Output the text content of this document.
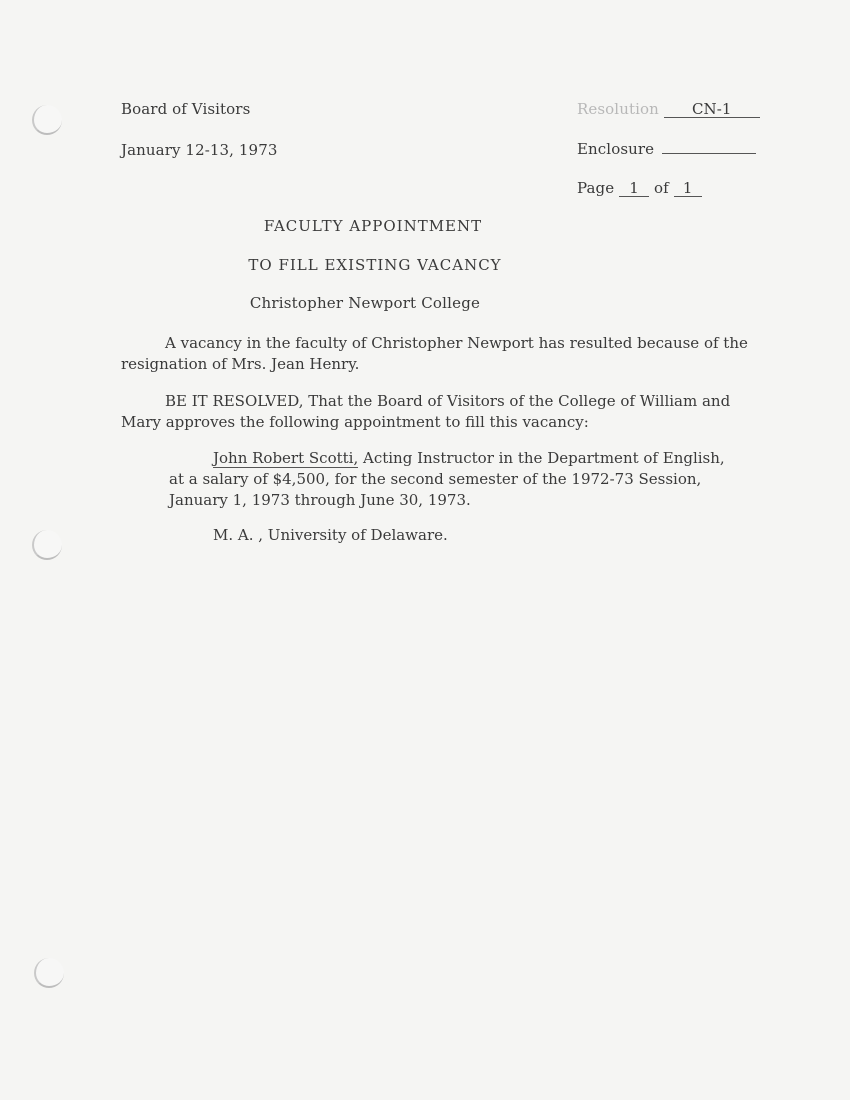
Board of Visitors
January 12-13, 1973
Resolution CN-1
Enclosure
Page 1 of 1
FACULTY APPOINTMENT
TO FILL EXISTING VACANCY
Christopher Newport College
A vacancy in the faculty of Christopher Newport has resulted because of the
resignation of Mrs. Jean Henry.
BE IT RESOLVED, That the Board of Visitors of the College of William and
Mary approves the following appointment to fill this vacancy:
John Robert Scotti, Acting Instructor in the Department of English,
at a salary of $4,500, for the second semester of the 1972-73 Session,
January 1, 1973 through June 30, 1973.
M. A. , University of Delaware.
